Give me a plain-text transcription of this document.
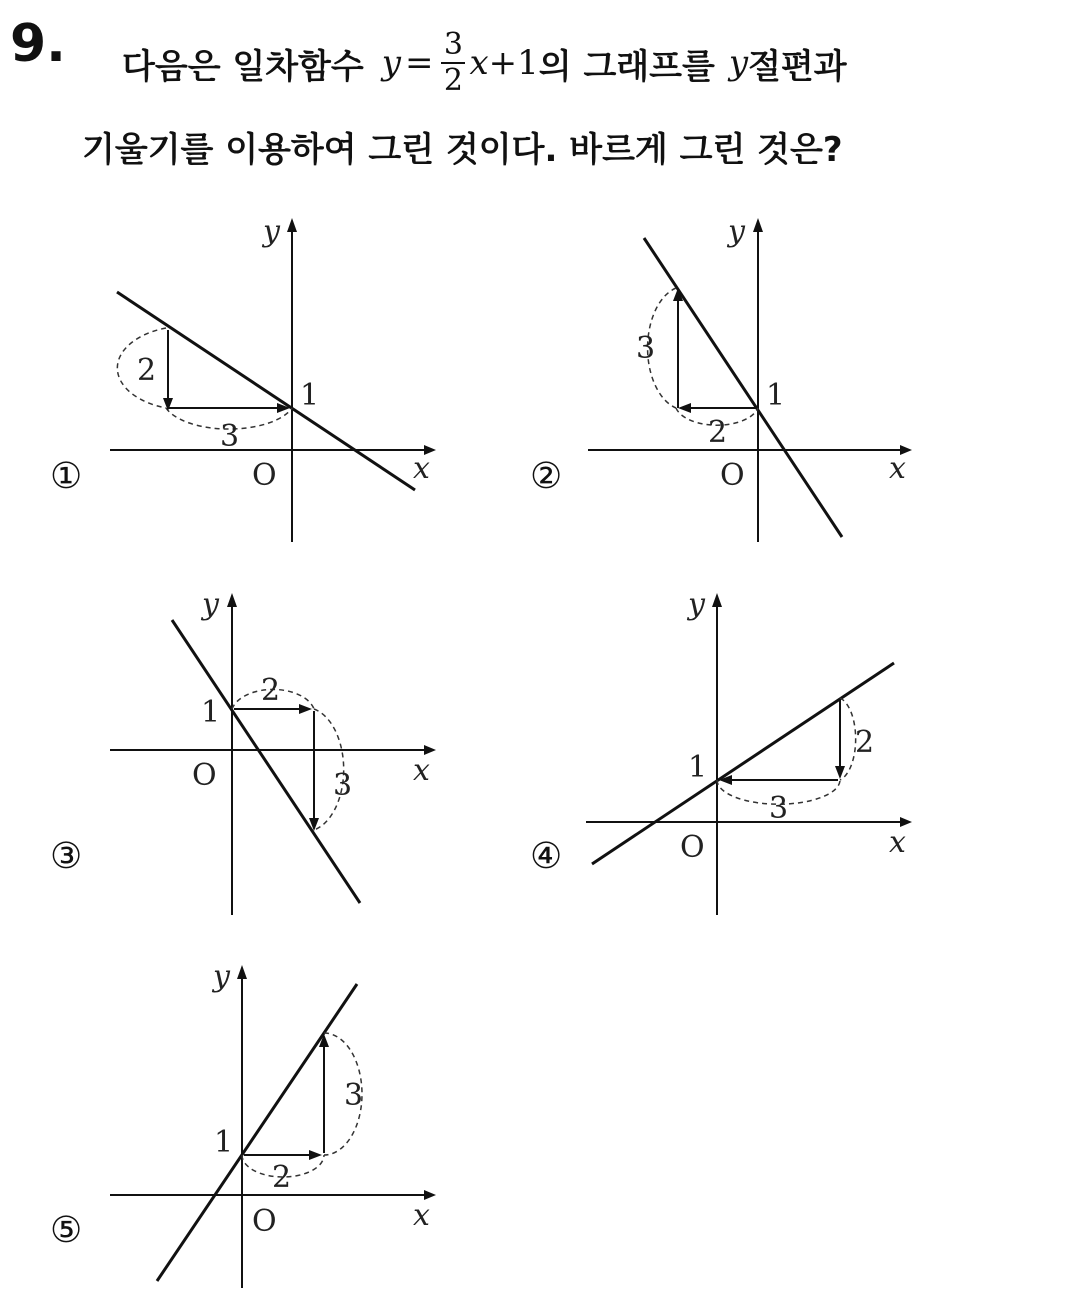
9. 다음은 일차함수 $y = \frac{3}{2}$ x +1 의 그래프를 y 절편과
기울기를 이용하여 그린 것이다. 바르게 그린 것은?
①
2
3
1
O	x
y
②
3
2
1
O	x
y
③
2
3
1
O	x
y
④
2
3
1
O	x
y
⑤
3
2
1
O	x
y
